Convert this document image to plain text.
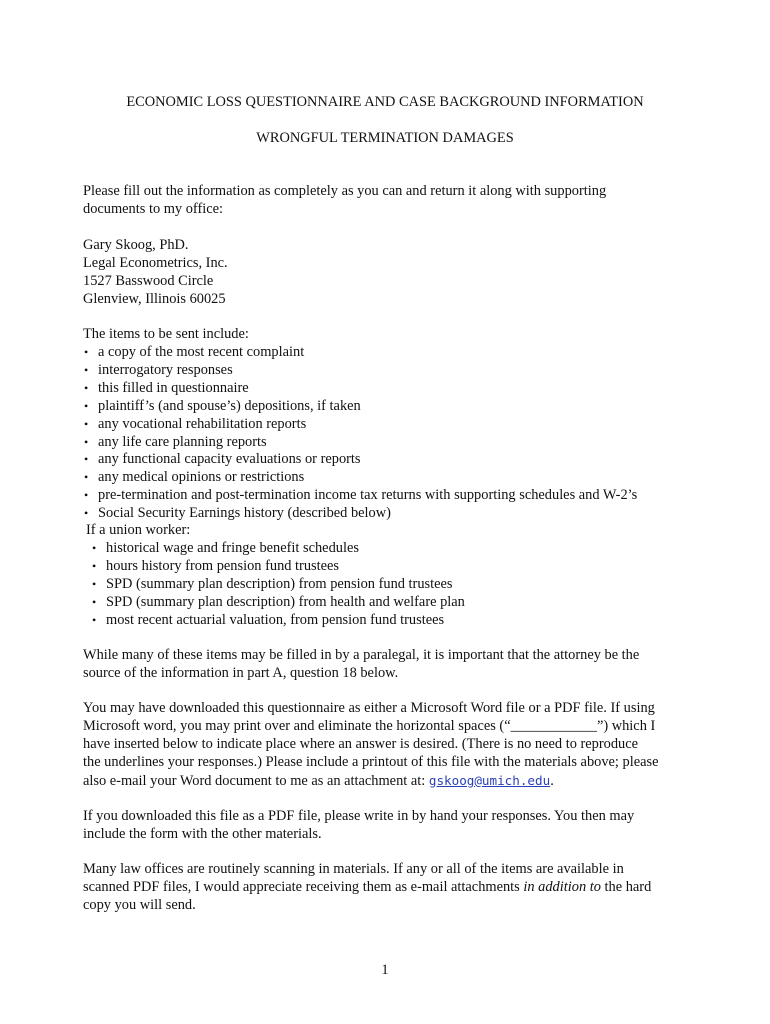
ECONOMIC LOSS QUESTIONNAIRE AND CASE BACKGROUND INFORMATION
WRONGFUL TERMINATION DAMAGES

Please fill out the information as completely as you can and return it along with supporting
documents to my office:

Gary Skoog, PhD.
Legal Econometrics, Inc.
1527 Basswood Circle
Glenview, Illinois 60025

The items to be sent include:

• a copy of the most recent complaint
• interrogatory responses
• this filled in questionnaire
• plaintiff’s (and spouse’s) depositions, if taken
• any vocational rehabilitation reports
• any life care planning reports
• any functional capacity evaluations or reports
• any medical opinions or restrictions
• pre-termination and post-termination income tax returns with supporting schedules and W-2’s
• Social Security Earnings history (described below)

If a union worker:

• historical wage and fringe benefit schedules
• hours history from pension fund trustees
• SPD (summary plan description) from pension fund trustees
• SPD (summary plan description) from health and welfare plan
• most recent actuarial valuation, from pension fund trustees

While many of these items may be filled in by a paralegal, it is important that the attorney be the
source of the information in part A, question 18 below.

You may have downloaded this questionnaire as either a Microsoft Word file or a PDF file. If using
Microsoft word, you may print over and eliminate the horizontal spaces (“____________”) which I
have inserted below to indicate place where an answer is desired. (There is no need to reproduce
the underlines your responses.) Please include a printout of this file with the materials above; please
also e-mail your Word document to me as an attachment at: gskoog@umich.edu.

If you downloaded this file as a PDF file, please write in by hand your responses. You then may
include the form with the other materials.

Many law offices are routinely scanning in materials. If any or all of the items are available in
scanned PDF files, I would appreciate receiving them as e-mail attachments in addition to the hard
copy you will send.

1
